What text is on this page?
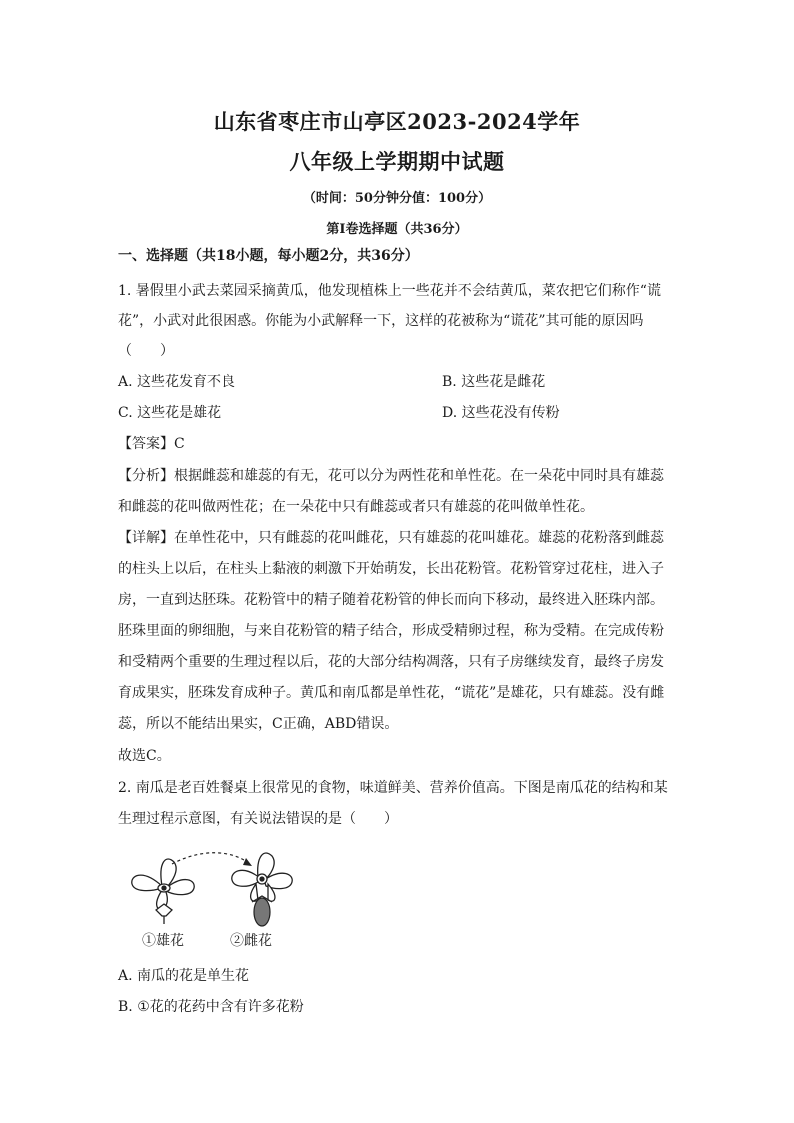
山东省枣庄市山亭区2023-2024学年
八年级上学期期中试题
（时间：50分钟分值：100分）
第I卷选择题（共36分）
一、选择题（共18小题，每小题2分，共36分）
1. 暑假里小武去菜园采摘黄瓜，他发现植株上一些花并不会结黄瓜，菜农把它们称作“谎
花”，小武对此很困惑。你能为小武解释一下，这样的花被称为“谎花”其可能的原因吗
（　　）
A. 这些花发育不良	B. 这些花是雌花
C. 这些花是雄花	D. 这些花没有传粉
【答案】C
【分析】根据雌蕊和雄蕊的有无，花可以分为两性花和单性花。在一朵花中同时具有雄蕊
和雌蕊的花叫做两性花；在一朵花中只有雌蕊或者只有雄蕊的花叫做单性花。
【详解】在单性花中，只有雌蕊的花叫雌花，只有雄蕊的花叫雄花。雄蕊的花粉落到雌蕊
的柱头上以后，在柱头上黏液的刺激下开始萌发，长出花粉管。花粉管穿过花柱，进入子
房，一直到达胚珠。花粉管中的精子随着花粉管的伸长而向下移动，最终进入胚珠内部。
胚珠里面的卵细胞，与来自花粉管的精子结合，形成受精卵过程，称为受精。在完成传粉
和受精两个重要的生理过程以后，花的大部分结构凋落，只有子房继续发育，最终子房发
育成果实，胚珠发育成种子。黄瓜和南瓜都是单性花，“谎花”是雄花，只有雄蕊。没有雌
蕊，所以不能结出果实，C正确，ABD错误。
故选C。
2. 南瓜是老百姓餐桌上很常见的食物，味道鲜美、营养价值高。下图是南瓜花的结构和某
生理过程示意图，有关说法错误的是（　　）
①雄花	②雌花
A. 南瓜的花是单生花
B. ①花的花药中含有许多花粉
